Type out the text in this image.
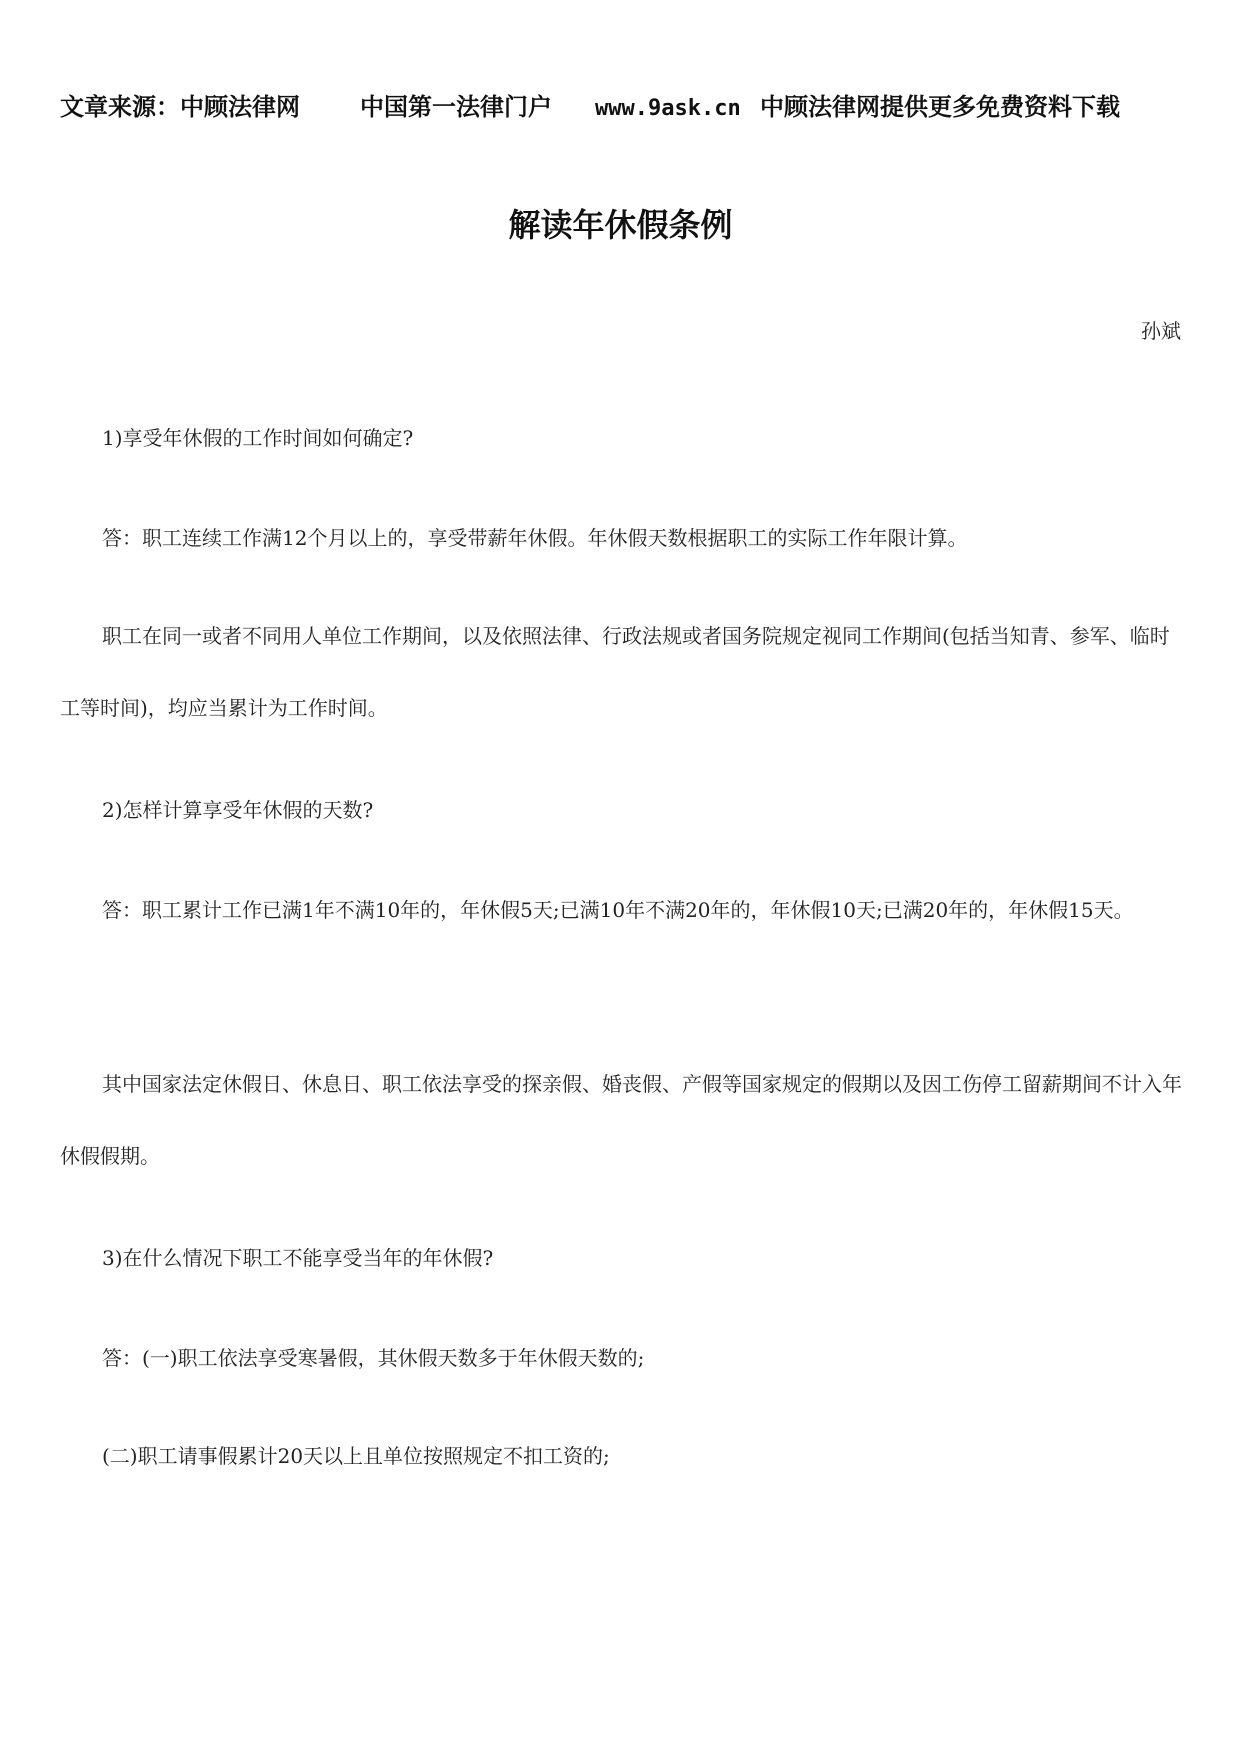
文章来源：中顾法律网	中国第一法律门户 www.9ask.cn 中顾法律网提供更多免费资料下载
解读年休假条例
孙斌

1)享受年休假的工作时间如何确定?

答：职工连续工作满12个月以上的，享受带薪年休假。年休假天数根据职工的实际工作年限计算。

职工在同一或者不同用人单位工作期间，以及依照法律、行政法规或者国务院规定视同工作期间(包括当知青、参军、临时工等时间)，均应当累计为工作时间。

2)怎样计算享受年休假的天数?

答：职工累计工作已满1年不满10年的，年休假5天;已满10年不满20年的，年休假10天;已满20年的，年休假15天。

其中国家法定休假日、休息日、职工依法享受的探亲假、婚丧假、产假等国家规定的假期以及因工伤停工留薪期间不计入年休假假期。

3)在什么情况下职工不能享受当年的年休假?

答：(一)职工依法享受寒暑假，其休假天数多于年休假天数的;

(二)职工请事假累计20天以上且单位按照规定不扣工资的;
